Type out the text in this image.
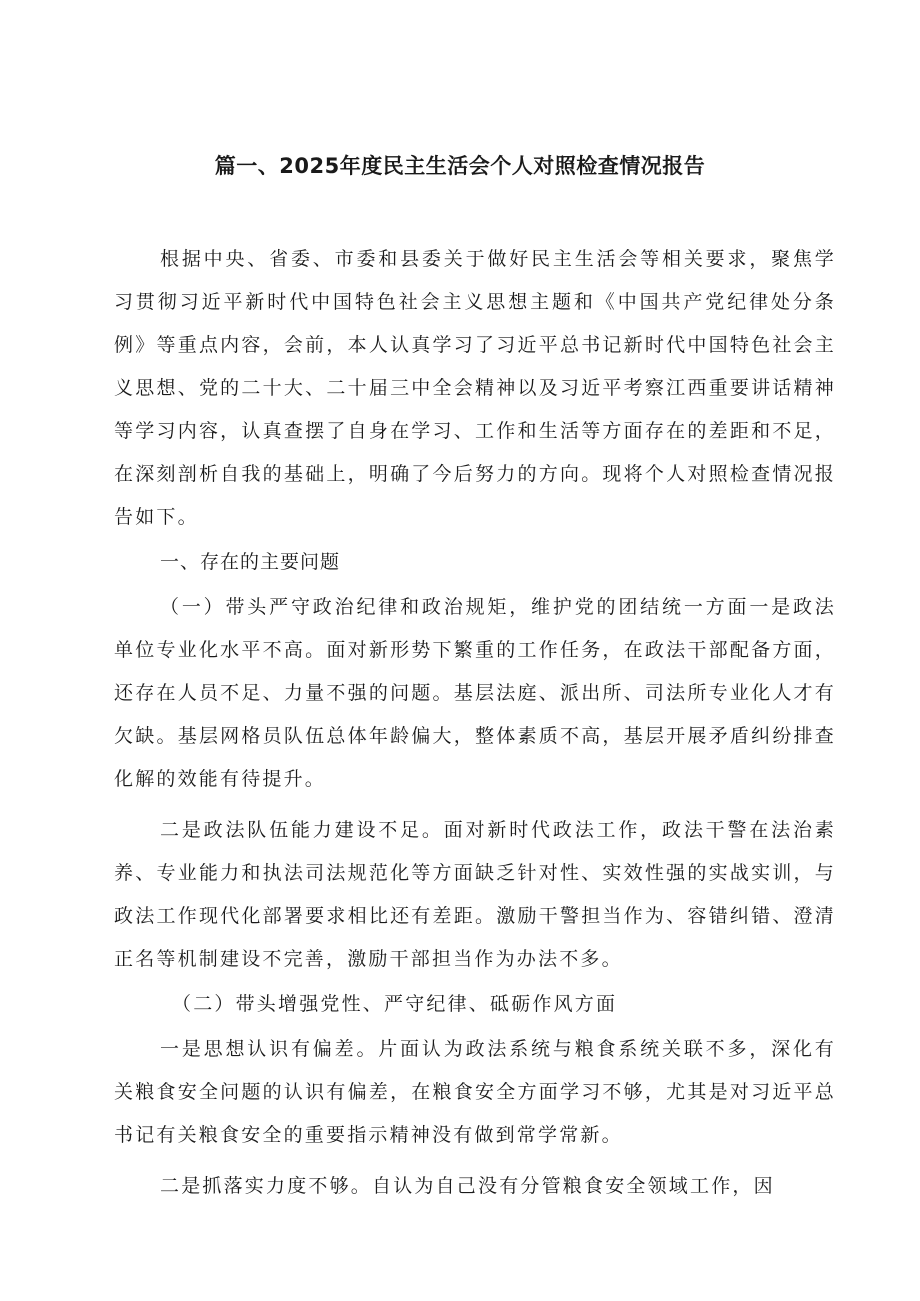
篇一、2025年度民主生活会个人对照检查情况报告

根据中央、省委、市委和县委关于做好民主生活会等相关要求，聚焦学习贯彻习近平新时代中国特色社会主义思想主题和《中国共产党纪律处分条例》等重点内容，会前，本人认真学习了习近平总书记新时代中国特色社会主义思想、党的二十大、二十届三中全会精神以及习近平考察江西重要讲话精神等学习内容，认真查摆了自身在学习、工作和生活等方面存在的差距和不足，在深刻剖析自我的基础上，明确了今后努力的方向。现将个人对照检查情况报告如下。

一、存在的主要问题

（一）带头严守政治纪律和政治规矩，维护党的团结统一方面一是政法单位专业化水平不高。面对新形势下繁重的工作任务，在政法干部配备方面，还存在人员不足、力量不强的问题。基层法庭、派出所、司法所专业化人才有欠缺。基层网格员队伍总体年龄偏大，整体素质不高，基层开展矛盾纠纷排查化解的效能有待提升。

二是政法队伍能力建设不足。面对新时代政法工作，政法干警在法治素养、专业能力和执法司法规范化等方面缺乏针对性、实效性强的实战实训，与政法工作现代化部署要求相比还有差距。激励干警担当作为、容错纠错、澄清正名等机制建设不完善，激励干部担当作为办法不多。

（二）带头增强党性、严守纪律、砥砺作风方面

一是思想认识有偏差。片面认为政法系统与粮食系统关联不多，深化有关粮食安全问题的认识有偏差，在粮食安全方面学习不够，尤其是对习近平总书记有关粮食安全的重要指示精神没有做到常学常新。

二是抓落实力度不够。自认为自己没有分管粮食安全领域工作，因
